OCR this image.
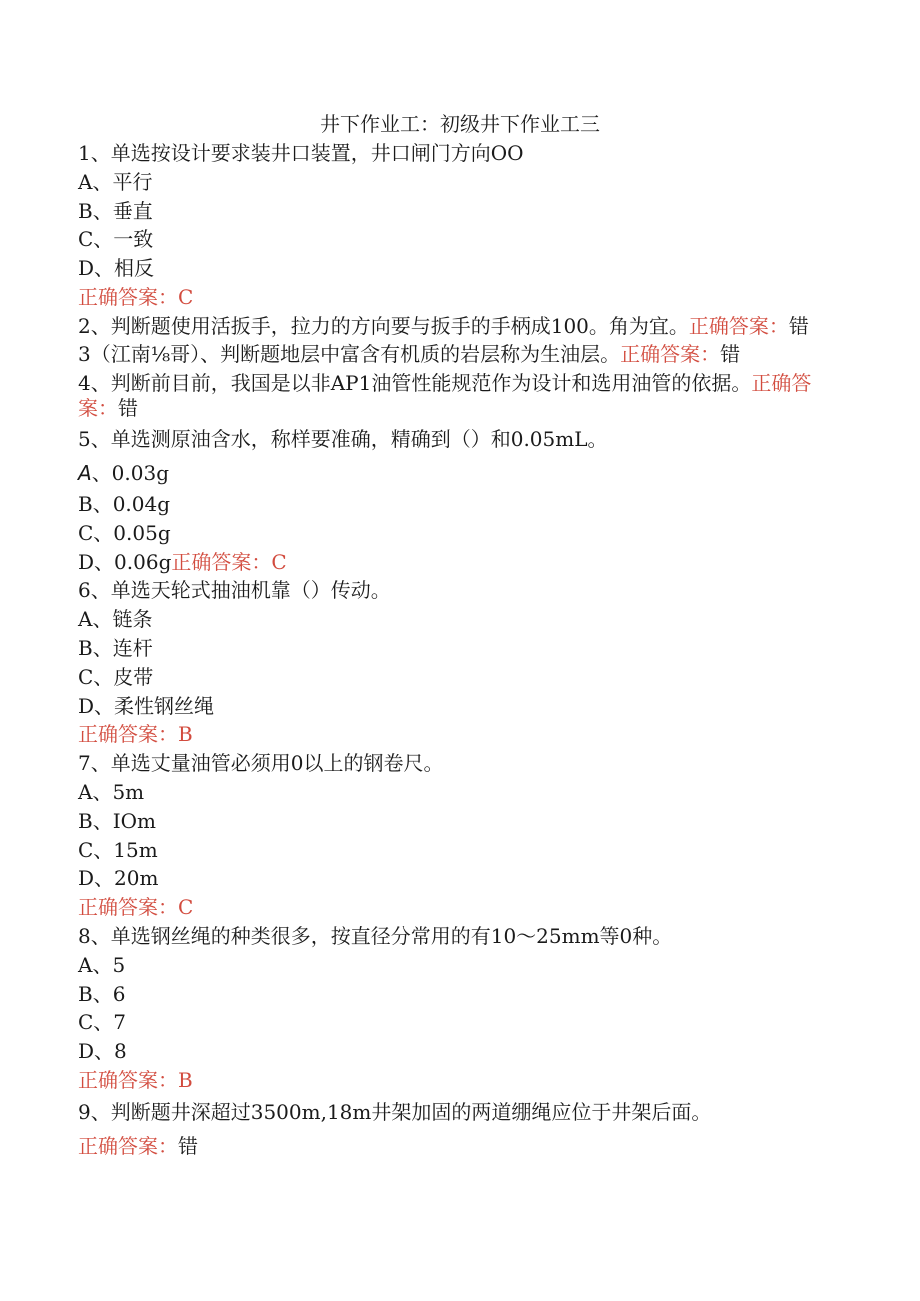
井下作业工：初级井下作业工三
1、单选按设计要求装井口装置，井口闸门方向OO
A、平行
B、垂直
C、一致
D、相反
正确答案：C
2、判断题使用活扳手，拉力的方向要与扳手的手柄成100。角为宜。正确答案：错
3（江南⅛哥）、判断题地层中富含有机质的岩层称为生油层。正确答案：错
4、判断前目前，我国是以非AP1油管性能规范作为设计和选用油管的依据。正确答案：错
5、单选测原油含水，称样要准确，精确到（）和0.05mL。
A、0.03g
B、0.04g
C、0.05g
D、0.06g正确答案：C
6、单选天轮式抽油机靠（）传动。
A、链条
B、连杆
C、皮带
D、柔性钢丝绳
正确答案：B
7、单选丈量油管必须用0以上的钢卷尺。
A、5m
B、IOm
C、15m
D、20m
正确答案：C
8、单选钢丝绳的种类很多，按直径分常用的有10～25mm等0种。
A、5
B、6
C、7
D、8
正确答案：B
9、判断题井深超过3500m,18m井架加固的两道绷绳应位于井架后面。
正确答案：错
